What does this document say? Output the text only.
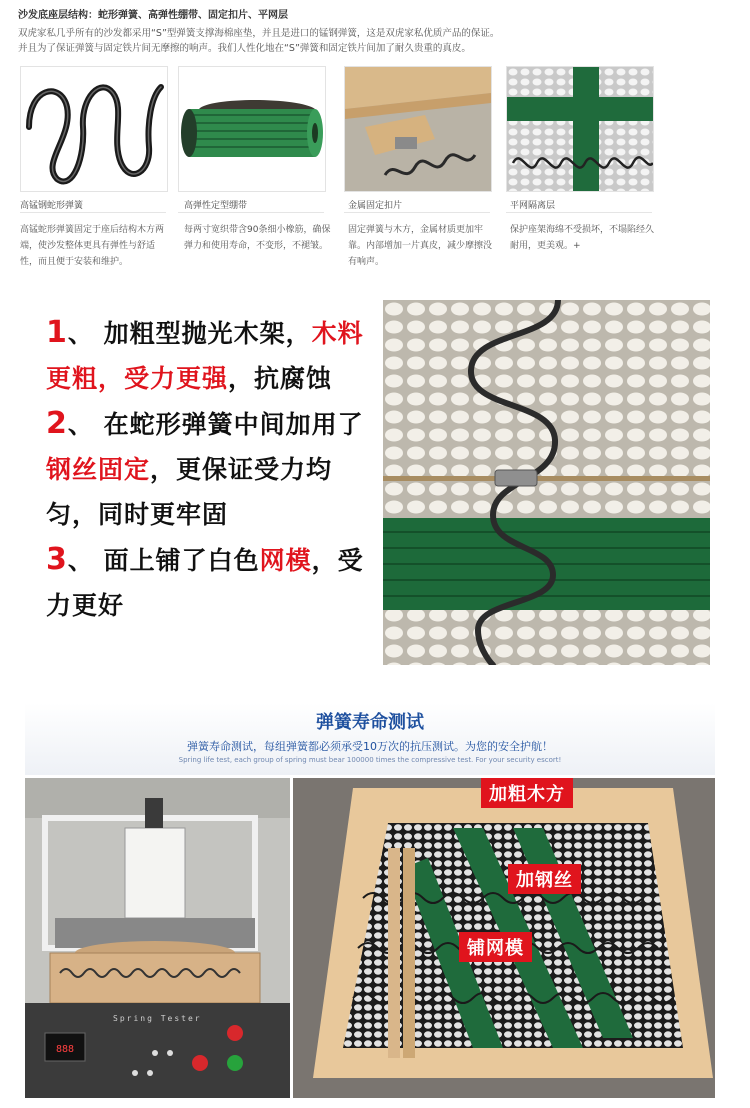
沙发底座层结构：蛇形弹簧、高弹性绷带、固定扣片、平网层
双虎家私几乎所有的沙发都采用“S”型弹簧支撑海棉座垫，并且是进口的锰钢弹簧，这是双虎家私优质产品的保证。
并且为了保证弹簧与固定铁片间无摩擦的响声。我们人性化地在“S”弹簧和固定铁片间加了耐久贵重的真皮。
高锰钢蛇形弹簧	高弹性定型绷带	金属固定扣片	平网隔离层
高锰蛇形弹簧固定于座后结构木方两端，使沙发整体更具有弹性与舒适性，而且便于安装和维护。
每两寸宽织带含90条细小橡筋，确保弹力和使用寿命，不变形，不褪皱。
固定弹簧与木方，金属材质更加牢靠。内部增加一片真皮，减少摩擦没有响声。
保护座架海绵不受损坏，不塌陷经久耐用，更美观。+
1、 加粗型抛光木架，木料更粗，受力更强，抗腐蚀
2、 在蛇形弹簧中间加用了钢丝固定，更保证受力均匀，同时更牢固
3、 面上铺了白色网模，受力更好
弹簧寿命测试
弹簧寿命测试，每组弹簧都必须承受10万次的抗压测试。为您的安全护航！
Spring life test, each group of spring must bear 100000 times the compressive test. For your security escort!
888
Spring Tester
加粗木方
加钢丝
铺网模
